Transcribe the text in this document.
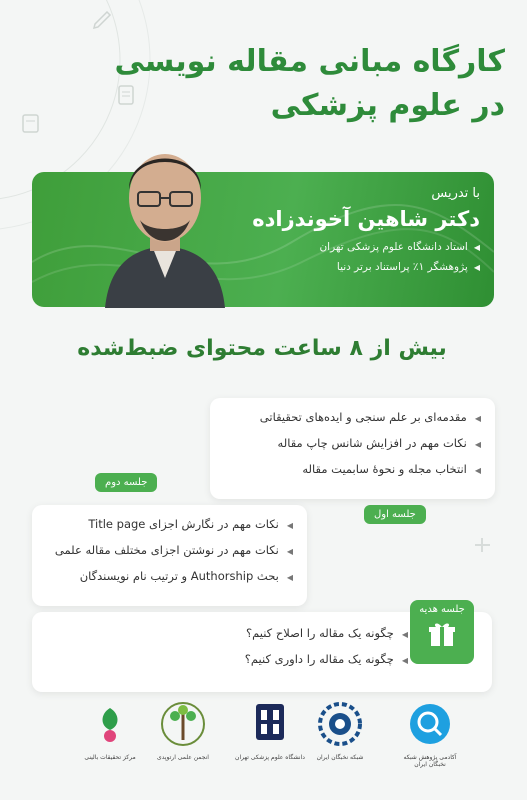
کارگاه مبانی مقاله نویسی
در علوم پزشکی
با تدریس
دکتر شاهین آخوندزاده
◀استاد دانشگاه علوم پزشکی تهران
◀پژوهشگر ۱٪ پراستناد برتر دنیا
بیش از ۸ ساعت محتوای ضبط‌شده
◀مقدمه‌ای بر علم سنجی و ایده‌های تحقیقاتی
◀نکات مهم در افزایش شانس چاپ مقاله
◀انتخاب مجله و نحوهٔ سابمیت مقاله
جلسه اول
جلسه دوم
◀نکات مهم در نگارش اجزای Title page
◀نکات مهم در نوشتن اجزای مختلف مقاله علمی
◀بحث Authorship و ترتیب نام نویسندگان
◀چگونه یک مقاله را اصلاح کنیم؟
◀چگونه یک مقاله را داوری کنیم؟
جلسه هدیه
آکادمی پژوهش شبکه نخبگان ایران
شبکه نخبگان ایران
دانشگاه علوم پزشکی تهران
انجمن علمی ارتوپدی
مرکز تحقیقات بالینی
